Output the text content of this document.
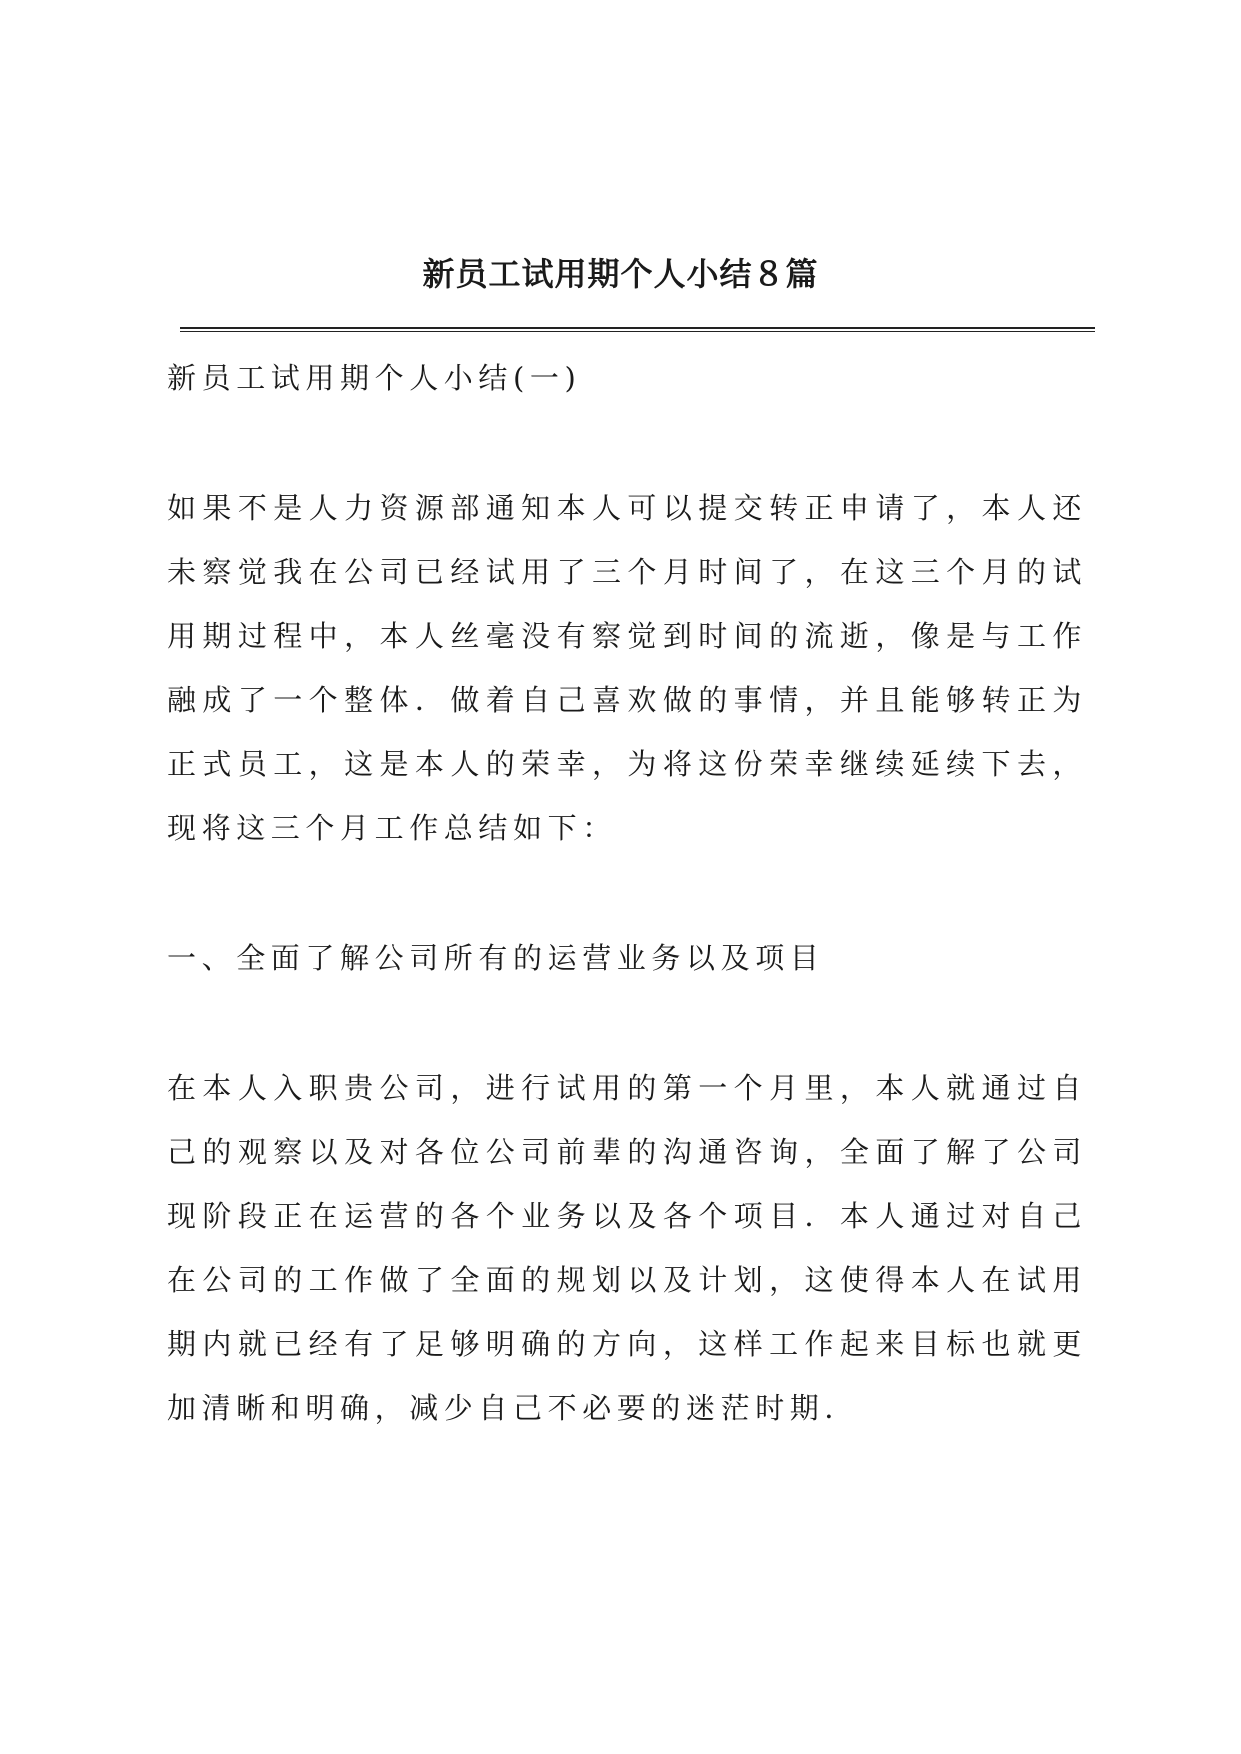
新员工试用期个人小结８篇

新员工试用期个人小结(一)

如果不是人力资源部通知本人可以提交转正申请了，本人还未察觉我在公司已经试用了三个月时间了，在这三个月的试用期过程中，本人丝毫没有察觉到时间的流逝，像是与工作融成了一个整体．做着自己喜欢做的事情，并且能够转正为正式员工，这是本人的荣幸，为将这份荣幸继续延续下去，现将这三个月工作总结如下：

一、全面了解公司所有的运营业务以及项目

在本人入职贵公司，进行试用的第一个月里，本人就通过自己的观察以及对各位公司前辈的沟通咨询，全面了解了公司现阶段正在运营的各个业务以及各个项目．本人通过对自己在公司的工作做了全面的规划以及计划，这使得本人在试用期内就已经有了足够明确的方向，这样工作起来目标也就更加清晰和明确，减少自己不必要的迷茫时期．
